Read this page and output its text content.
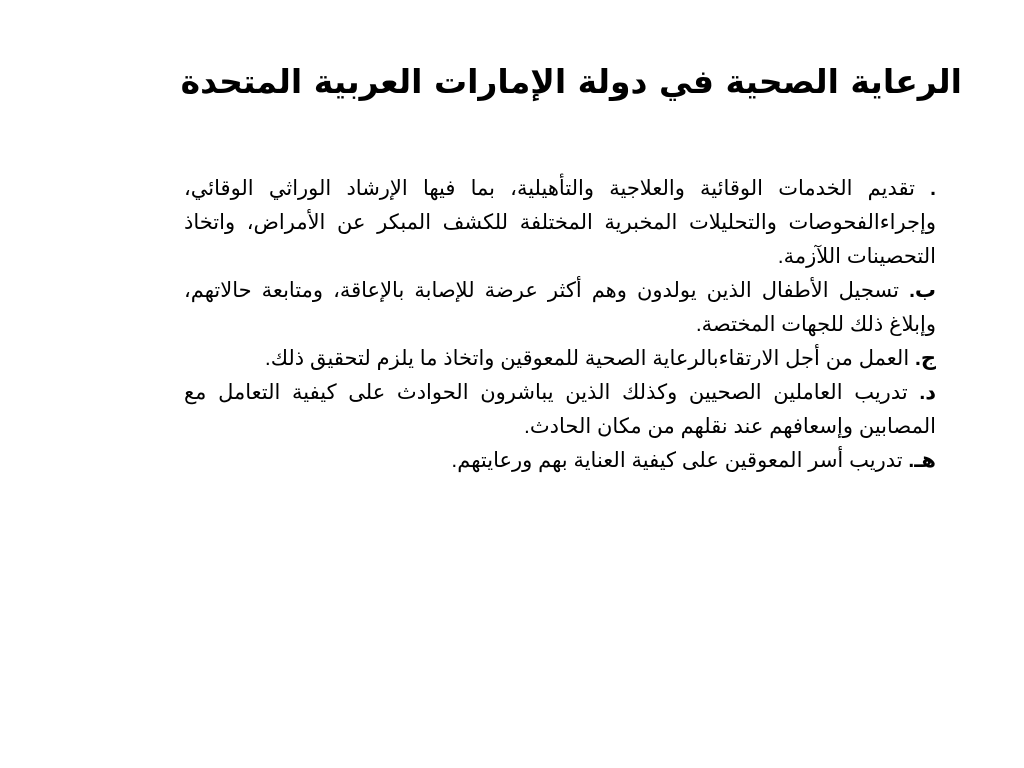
الرعاية الصحية في دولة الإمارات العربية المتحدة

. تقديم الخدمات الوقائية والعلاجية والتأهيلية، بما فيها الإرشاد الوراثي الوقائي، وإجراءالفحوصات والتحليلات المخبرية المختلفة للكشف المبكر عن الأمراض، واتخاذ التحصينات اللآزمة.

ب. تسجيل الأطفال الذين يولدون وهم أكثر عرضة للإصابة بالإعاقة، ومتابعة حالاتهم، وإبلاغ ذلك للجهات المختصة.

ج. العمل من أجل الارتقاءبالرعاية الصحية للمعوقين واتخاذ ما يلزم لتحقيق ذلك.

د. تدريب العاملين الصحيين وكذلك الذين يباشرون الحوادث على كيفية التعامل مع المصابين وإسعافهم عند نقلهم من مكان الحادث.

هـ. تدريب أسر المعوقين على كيفية العناية بهم ورعايتهم.
